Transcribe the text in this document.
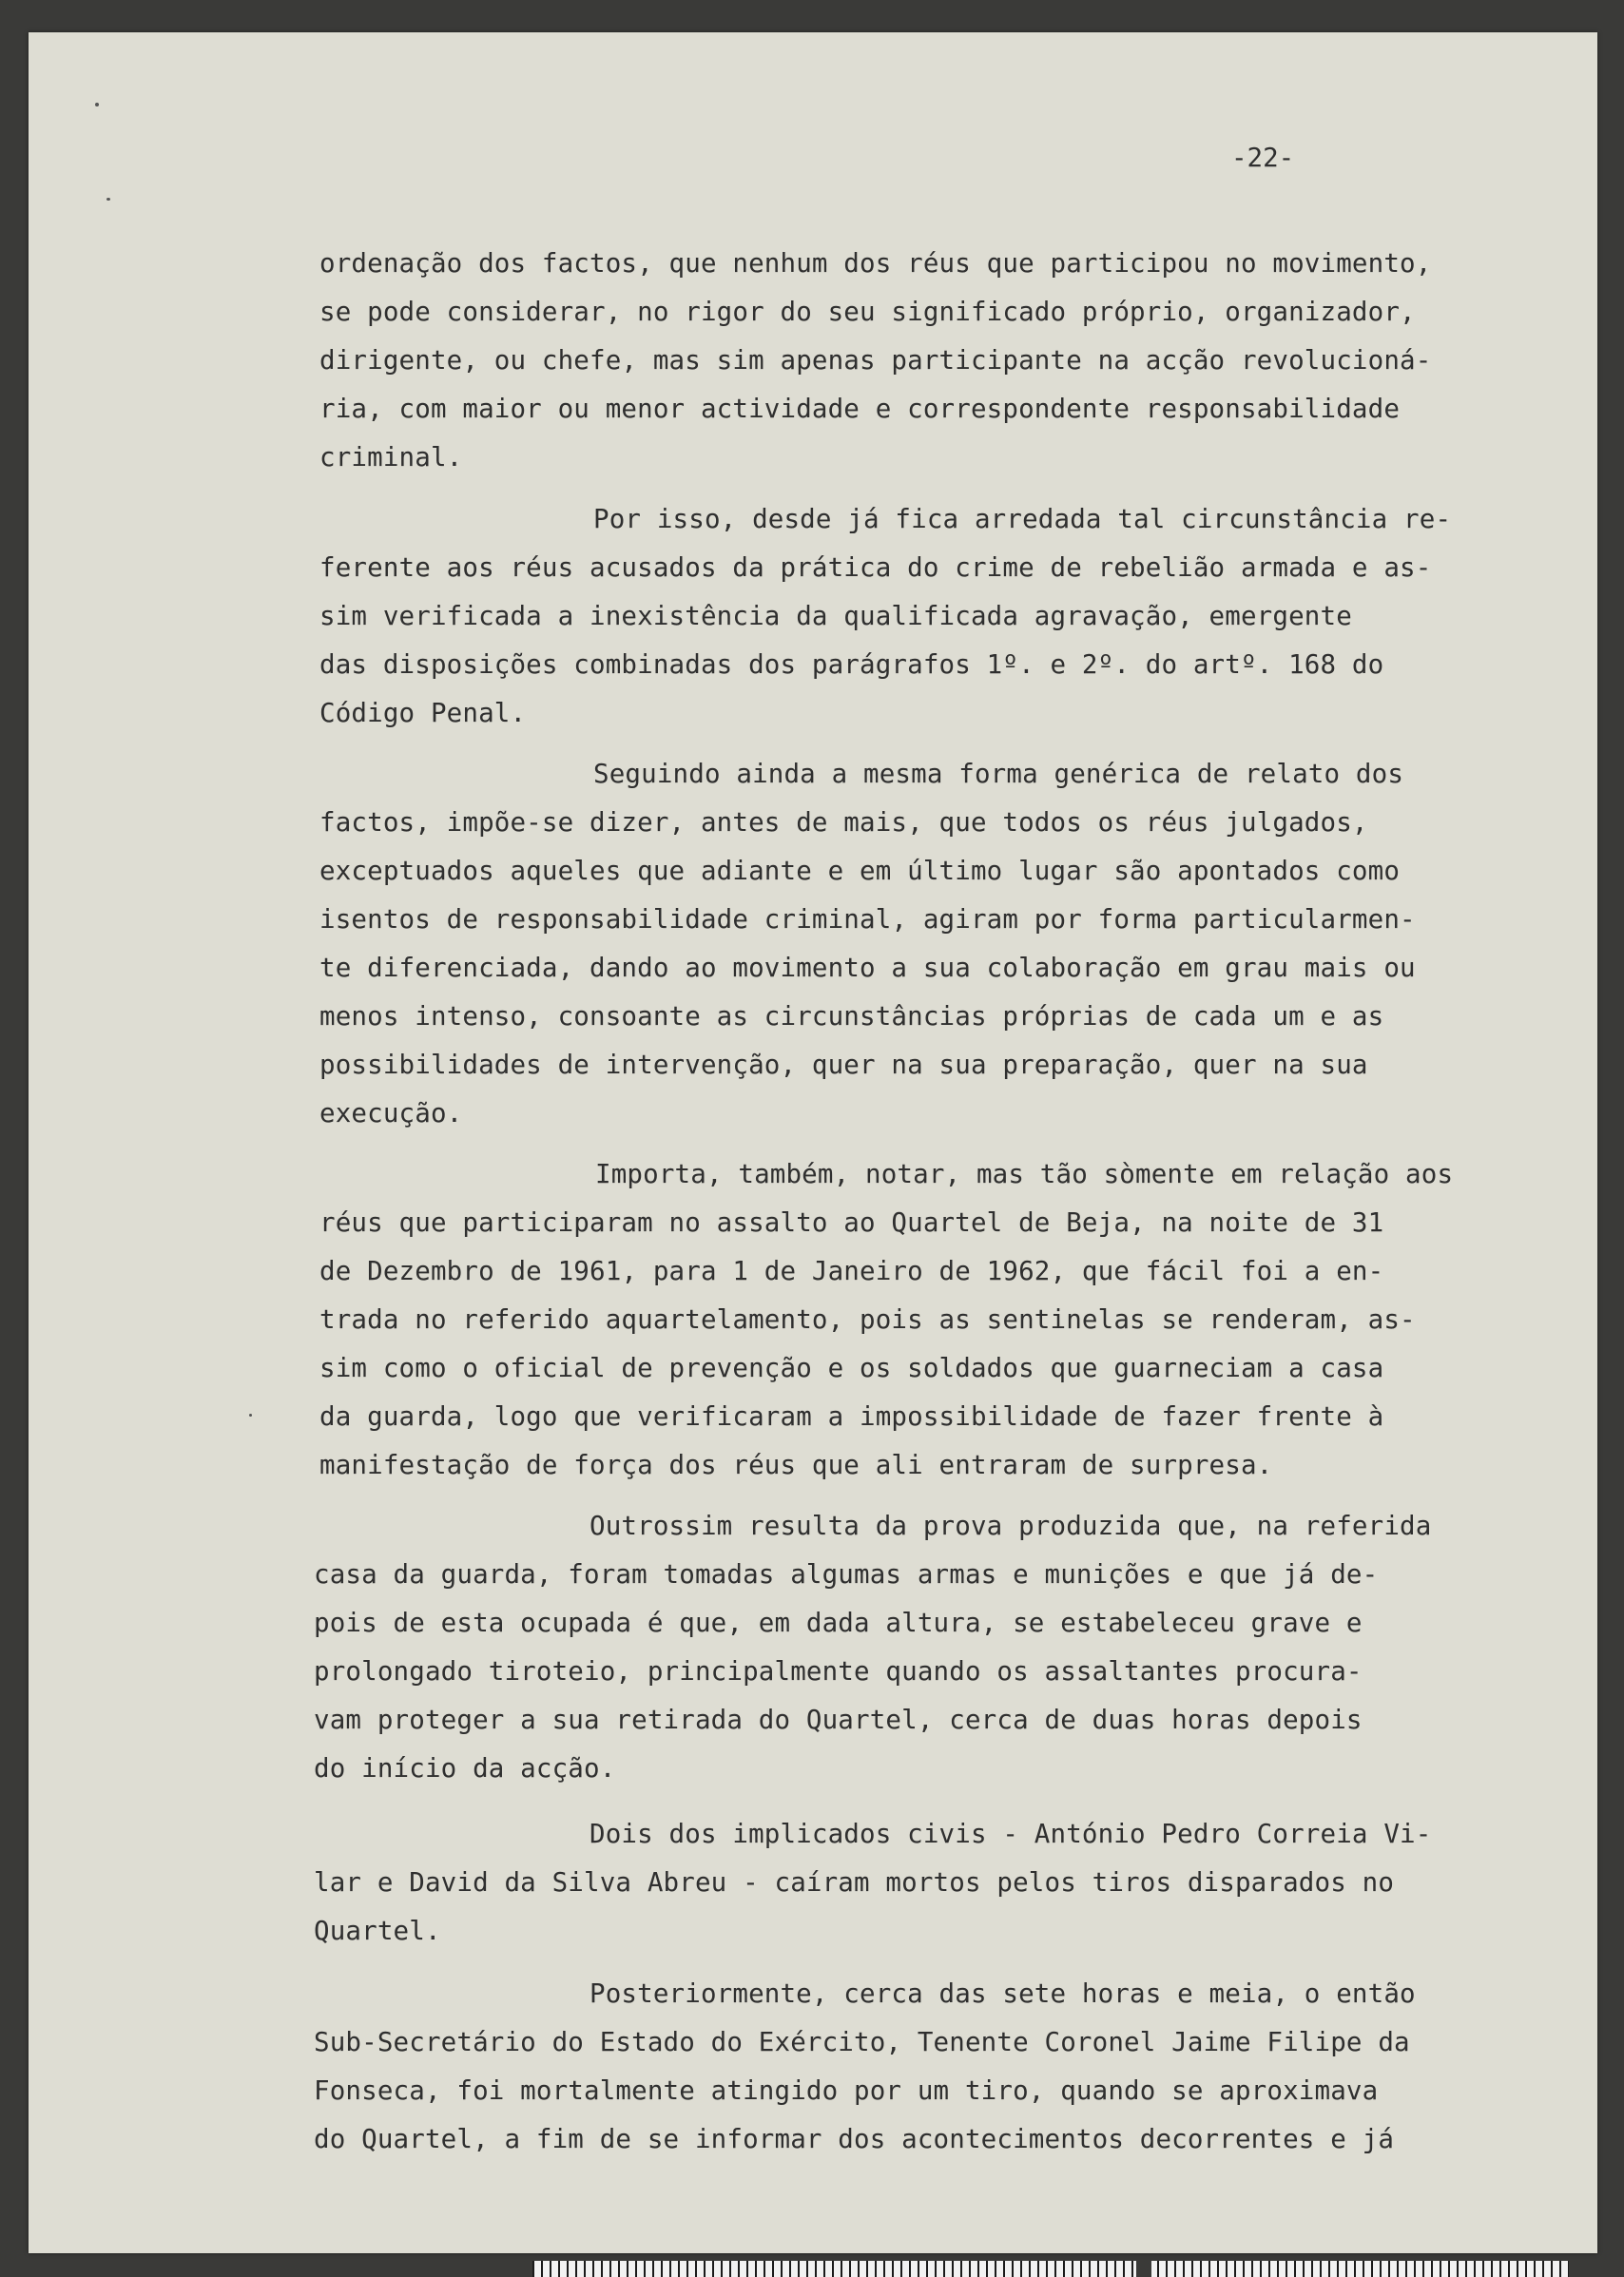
-22-

ordenação dos factos, que nenhum dos réus que participou no movimento,

se pode considerar, no rigor do seu significado próprio, organizador,

dirigente, ou chefe, mas sim apenas participante na acção revolucioná-

ria, com maior ou menor actividade e correspondente responsabilidade

criminal.

Por isso, desde já fica arredada tal circunstância re-

ferente aos réus acusados da prática do crime de rebelião armada e as-

sim verificada a inexistência da qualificada agravação, emergente

das disposições combinadas dos parágrafos 1º. e 2º. do artº. 168 do

Código Penal.

Seguindo ainda a mesma forma genérica de relato dos

factos, impõe-se dizer, antes de mais, que todos os réus julgados,

exceptuados aqueles que adiante e em último lugar são apontados como

isentos de responsabilidade criminal, agiram por forma particularmen-

te diferenciada, dando ao movimento a sua colaboração em grau mais ou

menos intenso, consoante as circunstâncias próprias de cada um e as

possibilidades de intervenção, quer na sua preparação, quer na sua

execução.

Importa, também, notar, mas tão sòmente em relação aos

réus que participaram no assalto ao Quartel de Beja, na noite de 31

de Dezembro de 1961, para 1 de Janeiro de 1962, que fácil foi a en-

trada no referido aquartelamento, pois as sentinelas se renderam, as-

sim como o oficial de prevenção e os soldados que guarneciam a casa

da guarda, logo que verificaram a impossibilidade de fazer frente à

manifestação de força dos réus que ali entraram de surpresa.

Outrossim resulta da prova produzida que, na referida

casa da guarda, foram tomadas algumas armas e munições e que já de-

pois de esta ocupada é que, em dada altura, se estabeleceu grave e

prolongado tiroteio, principalmente quando os assaltantes procura-

vam proteger a sua retirada do Quartel, cerca de duas horas depois

do início da acção.

Dois dos implicados civis - António Pedro Correia Vi-

lar e David da Silva Abreu - caíram mortos pelos tiros disparados no

Quartel.

Posteriormente, cerca das sete horas e meia, o então

Sub-Secretário do Estado do Exército, Tenente Coronel Jaime Filipe da

Fonseca, foi mortalmente atingido por um tiro, quando se aproximava

do Quartel, a fim de se informar dos acontecimentos decorrentes e já
